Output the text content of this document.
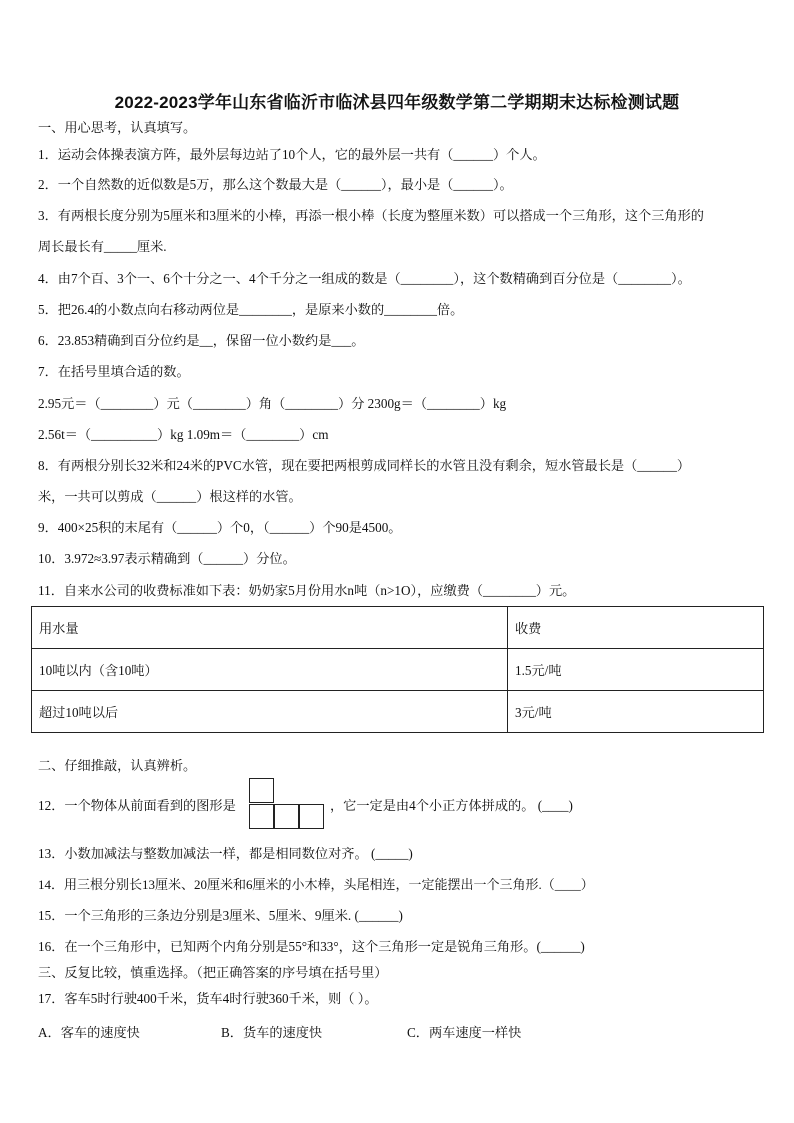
2022-2023学年山东省临沂市临沭县四年级数学第二学期期末达标检测试题
一、用心思考，认真填写。
1．运动会体操表演方阵，最外层每边站了10个人，它的最外层一共有（______）个人。
2．一个自然数的近似数是5万，那么这个数最大是（______），最小是（______）。
3．有两根长度分别为5厘米和3厘米的小棒，再添一根小棒（长度为整厘米数）可以搭成一个三角形，这个三角形的
周长最长有_____厘米.
4．由7个百、3个一、6个十分之一、4个千分之一组成的数是（________），这个数精确到百分位是（________）。
5．把26.4的小数点向右移动两位是________，是原来小数的________倍。
6．23.853精确到百分位约是__，保留一位小数约是___。
7．在括号里填合适的数。
2.95元＝（________）元（________）角（________）分 2300g＝（________）kg
2.56t＝（__________）kg 1.09m＝（________）cm
8．有两根分别长32米和24米的PVC水管，现在要把两根剪成同样长的水管且没有剩余，短水管最长是（______）
米，一共可以剪成（______）根这样的水管。
9．400×25积的末尾有（______）个0，（______）个90是4500。
10．3.972≈3.97表示精确到（______）分位。
11．自来水公司的收费标准如下表：奶奶家5月份用水n吨（n>1O），应缴费（________）元。
用水量	收费
10吨以内（含10吨）	1.5元/吨
超过10吨以后	3元/吨
二、仔细推敲，认真辨析。
12．一个物体从前面看到的图形是	，它一定是由4个小正方体拼成的。 (____)
13．小数加减法与整数加减法一样，都是相同数位对齐。 (_____)
14．用三根分别长13厘米、20厘米和6厘米的小木棒，头尾相连，一定能摆出一个三角形.（____）
15．一个三角形的三条边分别是3厘米、5厘米、9厘米. (______)
16．在一个三角形中，已知两个内角分别是55°和33°，这个三角形一定是锐角三角形。(______)
三、反复比较，慎重选择。（把正确答案的序号填在括号里）
17．客车5时行驶400千米，货车4时行驶360千米，则（ ）。
A．客车的速度快	B．货车的速度快	C．两车速度一样快
